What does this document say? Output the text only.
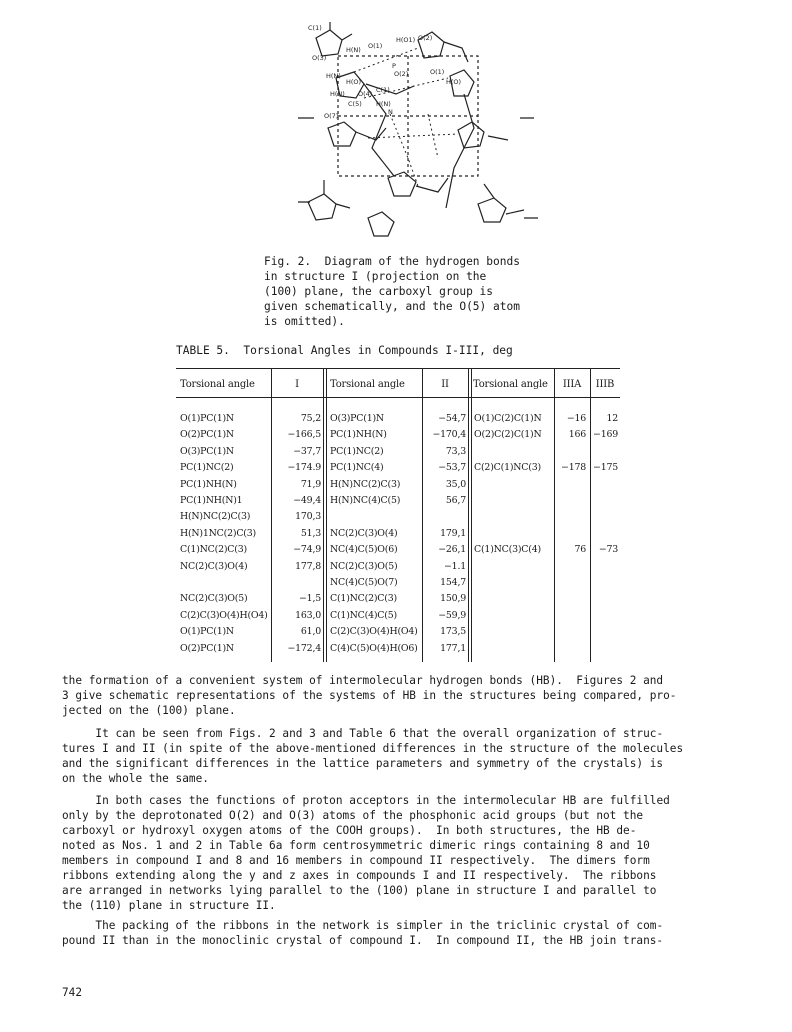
C(1)
H(N) O(1)
H(O1) O(2)
O(3)
P
O(1)
H(N)
H(O)	H(O)
O(4) C(1)
O(2)
H(N)
C(5) H(N)
N
O(7)
Fig. 2.  Diagram of the hydrogen bonds
in structure I (projection on the
(100) plane, the carboxyl group is
given schematically, and the O(5) atom
is omitted).
TABLE 5.  Torsional Angles in Compounds I-III, deg
Torsional angle	I	Torsional angle	II	Torsional angle	IIIA	IIIB
O(1)PC(1)N	75,2 O(3)PC(1)N	−54,7 O(1)C(2)C(1)N	−16	12
O(2)PC(1)N	−166,5 PC(1)NH(N)	−170,4 O(2)C(2)C(1)N	166 −169
O(3)PC(1)N	−37,7 PC(1)NC(2)	73,3
PC(1)NC(2)	−174.9 PC(1)NC(4)	−53,7 C(2)C(1)NC(3)	−178 −175
PC(1)NH(N)	71,9 H(N)NC(2)C(3)	35,0
PC(1)NH(N)1	−49,4 H(N)NC(4)C(5)	56,7
H(N)NC(2)C(3)	170,3
H(N)1NC(2)C(3)	51,3 NC(2)C(3)O(4)	179,1
C(1)NC(2)C(3)	−74,9 NC(4)C(5)O(6)	−26,1 C(1)NC(3)C(4)	76	−73
NC(2)C(3)O(4)	177,8 NC(2)C(3)O(5)	−1.1
NC(4)C(5)O(7)	154,7
NC(2)C(3)O(5)	−1,5 C(1)NC(2)C(3)	150,9
C(2)C(3)O(4)H(O4)	163,0 C(1)NC(4)C(5)	−59,9
O(1)PC(1)N	61,0 C(2)C(3)O(4)H(O4)	173,5
O(2)PC(1)N	−172,4 C(4)C(5)O(4)H(O6)	177,1
the formation of a convenient system of intermolecular hydrogen bonds (HB).  Figures 2 and
3 give schematic representations of the systems of HB in the structures being compared, pro-
jected on the (100) plane.
It can be seen from Figs. 2 and 3 and Table 6 that the overall organization of struc-
tures I and II (in spite of the above-mentioned differences in the structure of the molecules
and the significant differences in the lattice parameters and symmetry of the crystals) is
on the whole the same.
In both cases the functions of proton acceptors in the intermolecular HB are fulfilled
only by the deprotonated O(2) and O(3) atoms of the phosphonic acid groups (but not the
carboxyl or hydroxyl oxygen atoms of the COOH groups).  In both structures, the HB de-
noted as Nos. 1 and 2 in Table 6a form centrosymmetric dimeric rings containing 8 and 10
members in compound I and 8 and 16 members in compound II respectively.  The dimers form
ribbons extending along the y and z axes in compounds I and II respectively.  The ribbons
are arranged in networks lying parallel to the (100) plane in structure I and parallel to
the (110) plane in structure II.
The packing of the ribbons in the network is simpler in the triclinic crystal of com-
pound II than in the monoclinic crystal of compound I.  In compound II, the HB join trans-
742
